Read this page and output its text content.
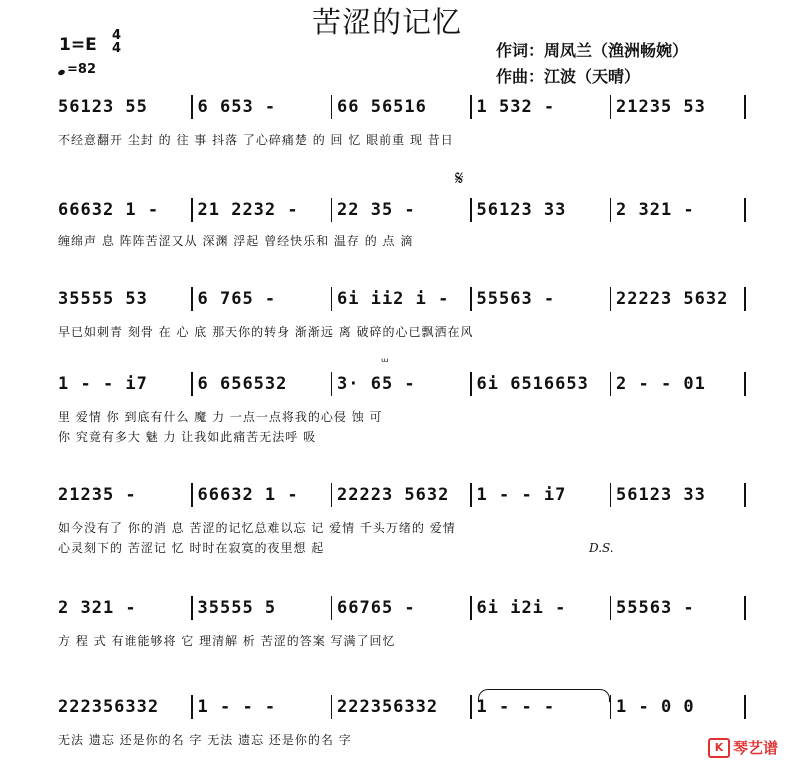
苦涩的记忆
作词：周凤兰（渔洲畅婉）
作曲：江波（天晴）
1=E 4
4
=82
𝄋
ᵚ
56123 55	6 653 -	66 56516	1 532 -	21235 53
不经意翻开 尘封 的 往 事 抖落 了心碎痛楚 的 回 忆 眼前重 现 昔日
66632 1 -	21 2232 -	22 35 -	56123 33	2 321 -
缠绵声 息 阵阵苦涩又从 深渊 浮起 曾经快乐和 温存 的 点 滴
35555 53	6 765 -	6i ii2 i -	55563 -	22223 5632
早已如刺青 刻骨 在 心 底 那天你的转身 渐渐远 离 破碎的心已飘洒在风
1 - - i7	6 656532	3· 65 -	6i 6516653	2 - - 01
里 爱情 你 到底有什么 魔 力 一点一点将我的心侵 蚀 可
你 究竟有多大 魅 力 让我如此痛苦无法呼 吸
21235 -	66632 1 -	22223 5632	1 - - i7	56123 33
如今没有了 你的消 息 苦涩的记忆总难以忘 记 爱情 千头万绪的 爱情
心灵刻下的 苦涩记 忆 时时在寂寞的夜里想 起	D.S.
2 321 -	35555 5	66765 -	6i i2i -	55563 -
方 程 式 有谁能够将 它 理清解 析 苦涩的答案 写满了回忆
222356332	1 - - -	222356332	1 - - -	1 - 0 0
无法 遗忘 还是你的名 字 无法 遗忘 还是你的名 字	K 琴艺谱
